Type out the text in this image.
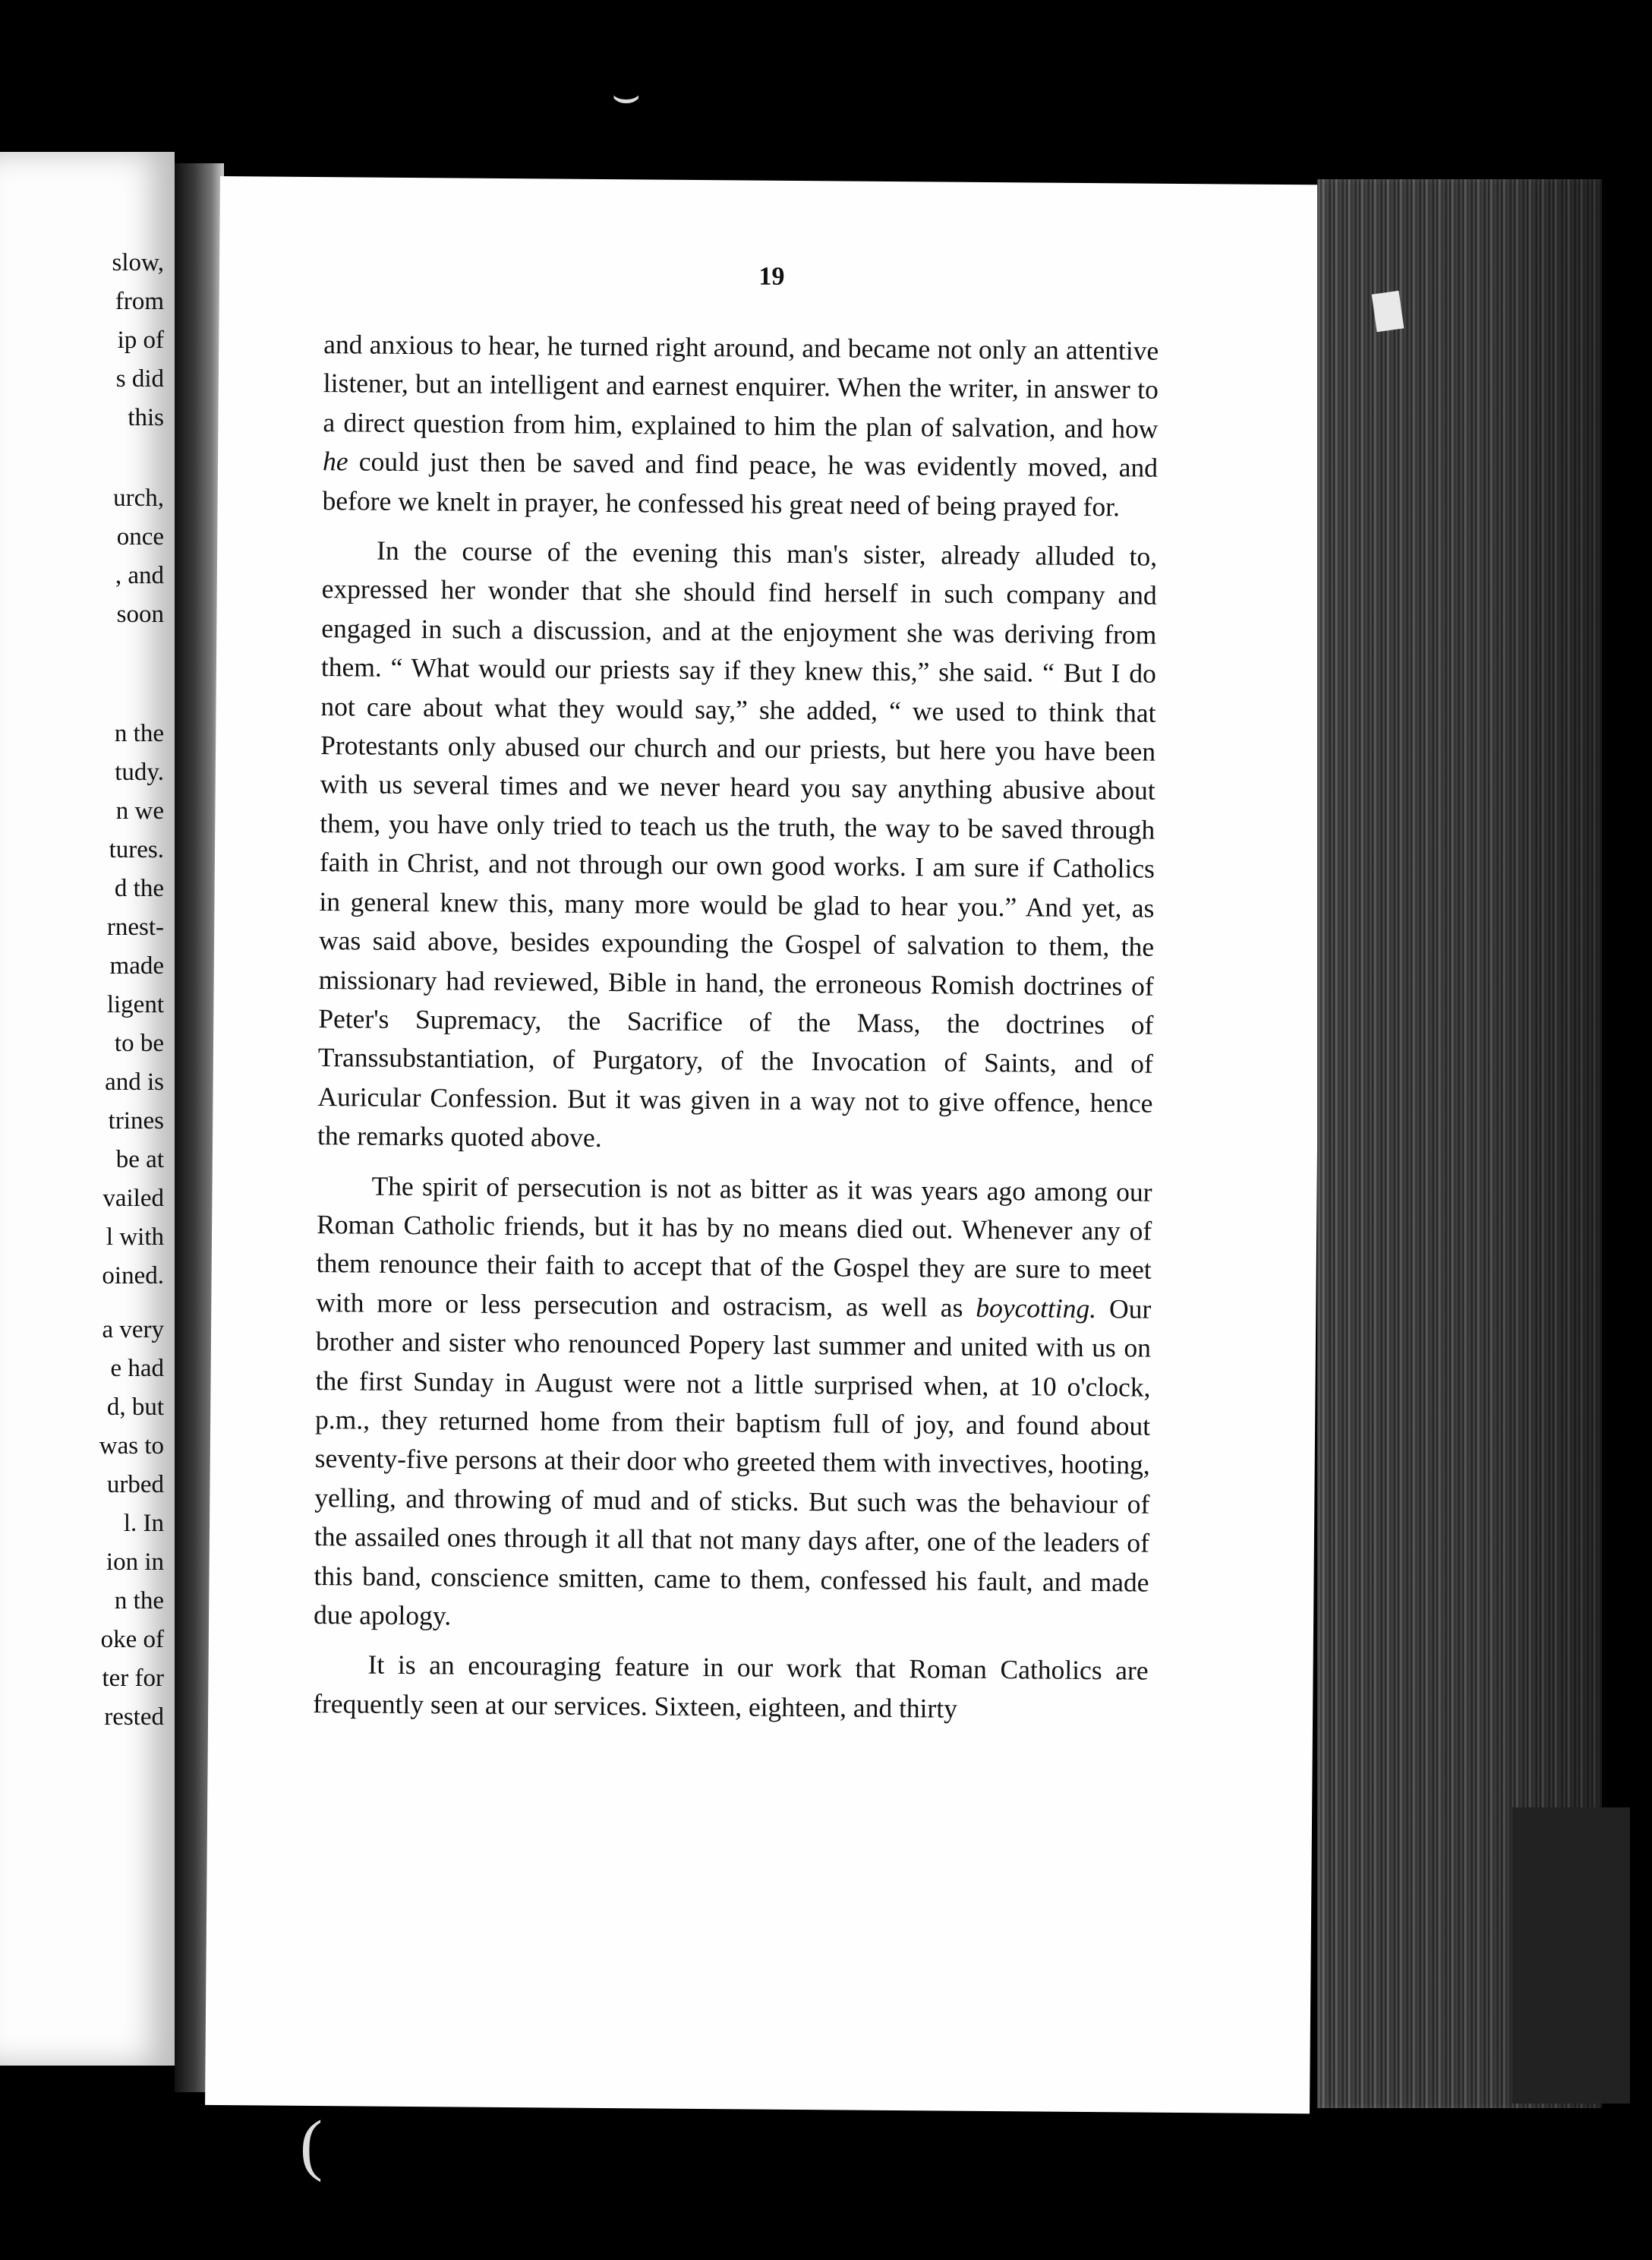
slow,
from
ip of
s did
this
urch,
once
, and
soon
n the
tudy.
n we
tures.
d the
rnest-
made
ligent
to be
and is
trines
be at
vailed
l with
oined.
a very
e had
d, but
was to
urbed
l. In
ion in
n the
oke of
ter for
rested
19

and anxious to hear, he turned right around, and became not only an attentive listener, but an intelligent and earnest enquirer. When the writer, in answer to a direct question from him, explained to him the plan of salvation, and how he could just then be saved and find peace, he was evidently moved, and before we knelt in prayer, he confessed his great need of being prayed for.

In the course of the evening this man's sister, already alluded to, expressed her wonder that she should find herself in such company and engaged in such a discussion, and at the enjoyment she was deriving from them. “ What would our priests say if they knew this,” she said. “ But I do not care about what they would say,” she added, “ we used to think that Protestants only abused our church and our priests, but here you have been with us several times and we never heard you say anything abusive about them, you have only tried to teach us the truth, the way to be saved through faith in Christ, and not through our own good works. I am sure if Catholics in general knew this, many more would be glad to hear you.” And yet, as was said above, besides expounding the Gospel of salvation to them, the missionary had reviewed, Bible in hand, the erroneous Romish doctrines of Peter's Supremacy, the Sacrifice of the Mass, the doctrines of Transsubstantiation, of Purgatory, of the Invocation of Saints, and of Auricular Confession. But it was given in a way not to give offence, hence the remarks quoted above.

The spirit of persecution is not as bitter as it was years ago among our Roman Catholic friends, but it has by no means died out. Whenever any of them renounce their faith to accept that of the Gospel they are sure to meet with more or less persecution and ostracism, as well as boycotting. Our brother and sister who renounced Popery last summer and united with us on the first Sunday in August were not a little surprised when, at 10 o'clock, p.m., they returned home from their baptism full of joy, and found about seventy-five persons at their door who greeted them with invectives, hooting, yelling, and throwing of mud and of sticks. But such was the behaviour of the assailed ones through it all that not many days after, one of the leaders of this band, conscience smitten, came to them, confessed his fault, and made due apology.

It is an encouraging feature in our work that Roman Catholics are frequently seen at our services. Sixteen, eighteen, and thirty

⌣
(
